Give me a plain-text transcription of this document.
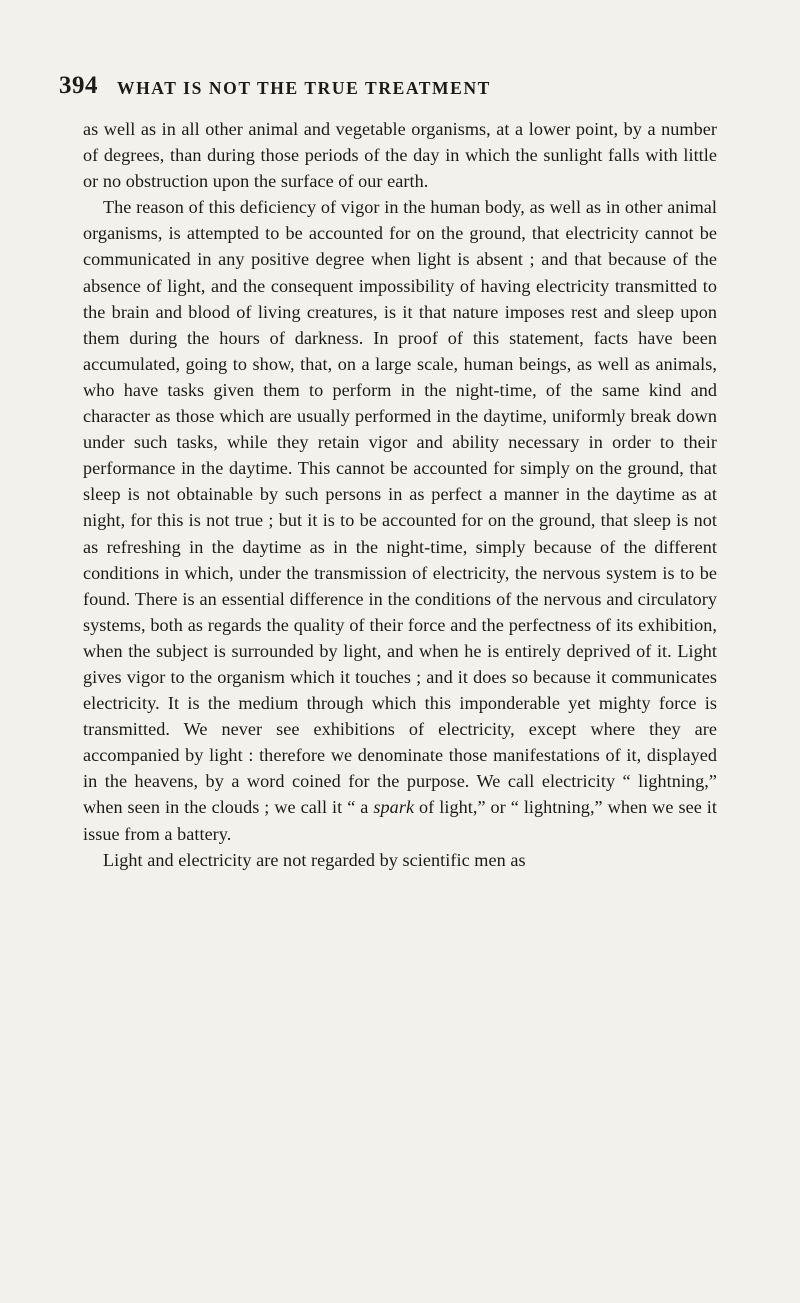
394 WHAT IS NOT THE TRUE TREATMENT

as well as in all other animal and vegetable organisms, at a lower point, by a number of degrees, than during those periods of the day in which the sunlight falls with little or no obstruction upon the surface of our earth.

The reason of this deficiency of vigor in the human body, as well as in other animal organisms, is attempted to be accounted for on the ground, that electricity cannot be communicated in any positive degree when light is absent ; and that because of the absence of light, and the consequent impossibility of having electricity transmitted to the brain and blood of living creatures, is it that nature imposes rest and sleep upon them during the hours of darkness. In proof of this statement, facts have been accumulated, going to show, that, on a large scale, human beings, as well as animals, who have tasks given them to perform in the night-time, of the same kind and character as those which are usually performed in the daytime, uniformly break down under such tasks, while they retain vigor and ability necessary in order to their performance in the daytime. This cannot be accounted for simply on the ground, that sleep is not obtainable by such persons in as perfect a manner in the daytime as at night, for this is not true ; but it is to be accounted for on the ground, that sleep is not as refreshing in the daytime as in the night-time, simply because of the different conditions in which, under the transmission of electricity, the nervous system is to be found. There is an essential difference in the conditions of the nervous and circulatory systems, both as regards the quality of their force and the perfectness of its exhibition, when the subject is surrounded by light, and when he is entirely deprived of it. Light gives vigor to the organism which it touches ; and it does so because it communicates electricity. It is the medium through which this imponderable yet mighty force is transmitted. We never see exhibitions of electricity, except where they are accompanied by light : therefore we denominate those manifestations of it, displayed in the heavens, by a word coined for the purpose. We call electricity “ lightning,” when seen in the clouds ; we call it “ a spark of light,” or “ lightning,” when we see it issue from a battery.

Light and electricity are not regarded by scientific men as
